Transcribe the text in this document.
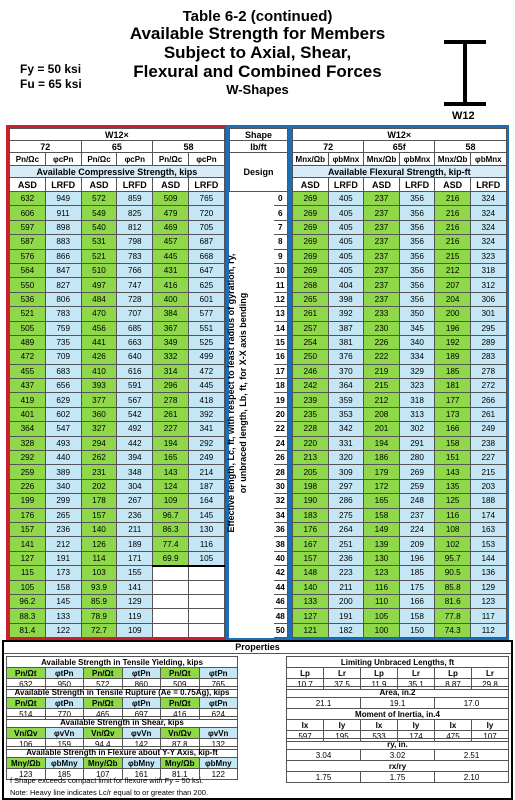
Table 6-2 (continued)
Available Strength for Members
Subject to Axial, Shear,
Flexural and Combined Forces
W-Shapes
Fy = 50 ksi
Fu = 65 ksi
W12
W12×					
72		65		58	
Pn/Ωc	φcPn	Pn/Ωc	φcPn	Pn/Ωc	φcPn
Available Compressive Strength, kips					
ASD	LRFD	ASD	LRFD	ASD	LRFD
632	949	572	859	509	765
606	911	549	825	479	720
597	898	540	812	469	705
587	883	531	798	457	687
576	866	521	783	445	668
564	847	510	766	431	647
550	827	497	747	416	625
536	806	484	728	400	601
521	783	470	707	384	577
505	759	456	685	367	551
489	735	441	663	349	525
472	709	426	640	332	499
455	683	410	616	314	472
437	656	393	591	296	445
419	629	377	567	278	418
401	602	360	542	261	392
364	547	327	492	227	341
328	493	294	442	194	292
292	440	262	394	165	249
259	389	231	348	143	214
226	340	202	304	124	187
199	299	178	267	109	164
176	265	157	236	96.7	145
157	236	140	211	86.3	130
141	212	126	189	77.4	116
127	191	114	171	69.9	105
115	173	103	155		
105	158	93.9	141		
96.2	145	85.9	129		
88.3	133	78.9	119		
81.4	122	72.7	109		
Shape	
lb/ft	
Design	
	0
	6
	7
	8
	9
	10
	11
	12
	13
	14
	15
	16
	17
	18
	19
	20
	22
	24
	26
	28
	30
	32
	34
	36
	38
	40
	42
	44
	46
	48
	50
Effective length, Lc, ft, with respect to least radius of gyration, ry, or unbraced length, Lb, ft, for X-X axis bending
W12×					
72		65f		58	
Mnx/Ωb	φbMnx	Mnx/Ωb	φbMnx	Mnx/Ωb	φbMnx
Available Flexural Strength, kip-ft					
ASD	LRFD	ASD	LRFD	ASD	LRFD
269	405	237	356	216	324
269	405	237	356	216	324
269	405	237	356	216	324
269	405	237	356	216	324
269	405	237	356	215	323
269	405	237	356	212	318
268	404	237	356	207	312
265	398	237	356	204	306
261	392	233	350	200	301
257	387	230	345	196	295
254	381	226	340	192	289
250	376	222	334	189	283
246	370	219	329	185	278
242	364	215	323	181	272
239	359	212	318	177	266
235	353	208	313	173	261
228	342	201	302	166	249
220	331	194	291	158	238
213	320	186	280	151	227
205	309	179	269	143	215
198	297	172	259	135	203
190	286	165	248	125	188
183	275	158	237	116	174
176	264	149	224	108	163
167	251	139	209	102	153
157	236	130	196	95.7	144
148	223	123	185	90.5	136
140	211	116	175	85.8	129
133	200	110	166	81.6	123
127	191	105	158	77.8	117
121	182	100	150	74.3	112
Properties
Available Strength in Tensile Yielding, kips					
Pn/Ωt	φtPn	Pn/Ωt	φtPn	Pn/Ωt	φtPn
632	950	572	860	509	765
Available Strength in Tensile Rupture (Ae = 0.75Ag), kips					
Pn/Ωt	φtPn	Pn/Ωt	φtPn	Pn/Ωt	φtPn
514	770	465	697	416	624
Available Strength in Shear, kips					
Vn/Ωv	φvVn	Vn/Ωv	φvVn	Vn/Ωv	φvVn
106	159	94.4	142	87.8	132
Available Strength in Flexure about Y-Y Axis, kip-ft					
Mny/Ωb	φbMny	Mny/Ωb	φbMny	Mny/Ωb	φbMny
123	185	107	161	81.1	122
Limiting Unbraced Lengths, ft					
Lp	Lr	Lp	Lr	Lp	Lr
10.7	37.5	11.9	35.1	8.87	29.8
Area, in.2
21.1	19.1	17.0
Moment of Inertia, in.4					
Ix	Iy	Ix	Iy	Ix	Iy
597	195	533	174	475	107
ry, in.
3.04	3.02	2.51
rx/ry
1.75	1.75	2.10
f Shape exceeds compact limit for flexure with Fy = 50 ksi.
Note: Heavy line indicates Lc/r equal to or greater than 200.
